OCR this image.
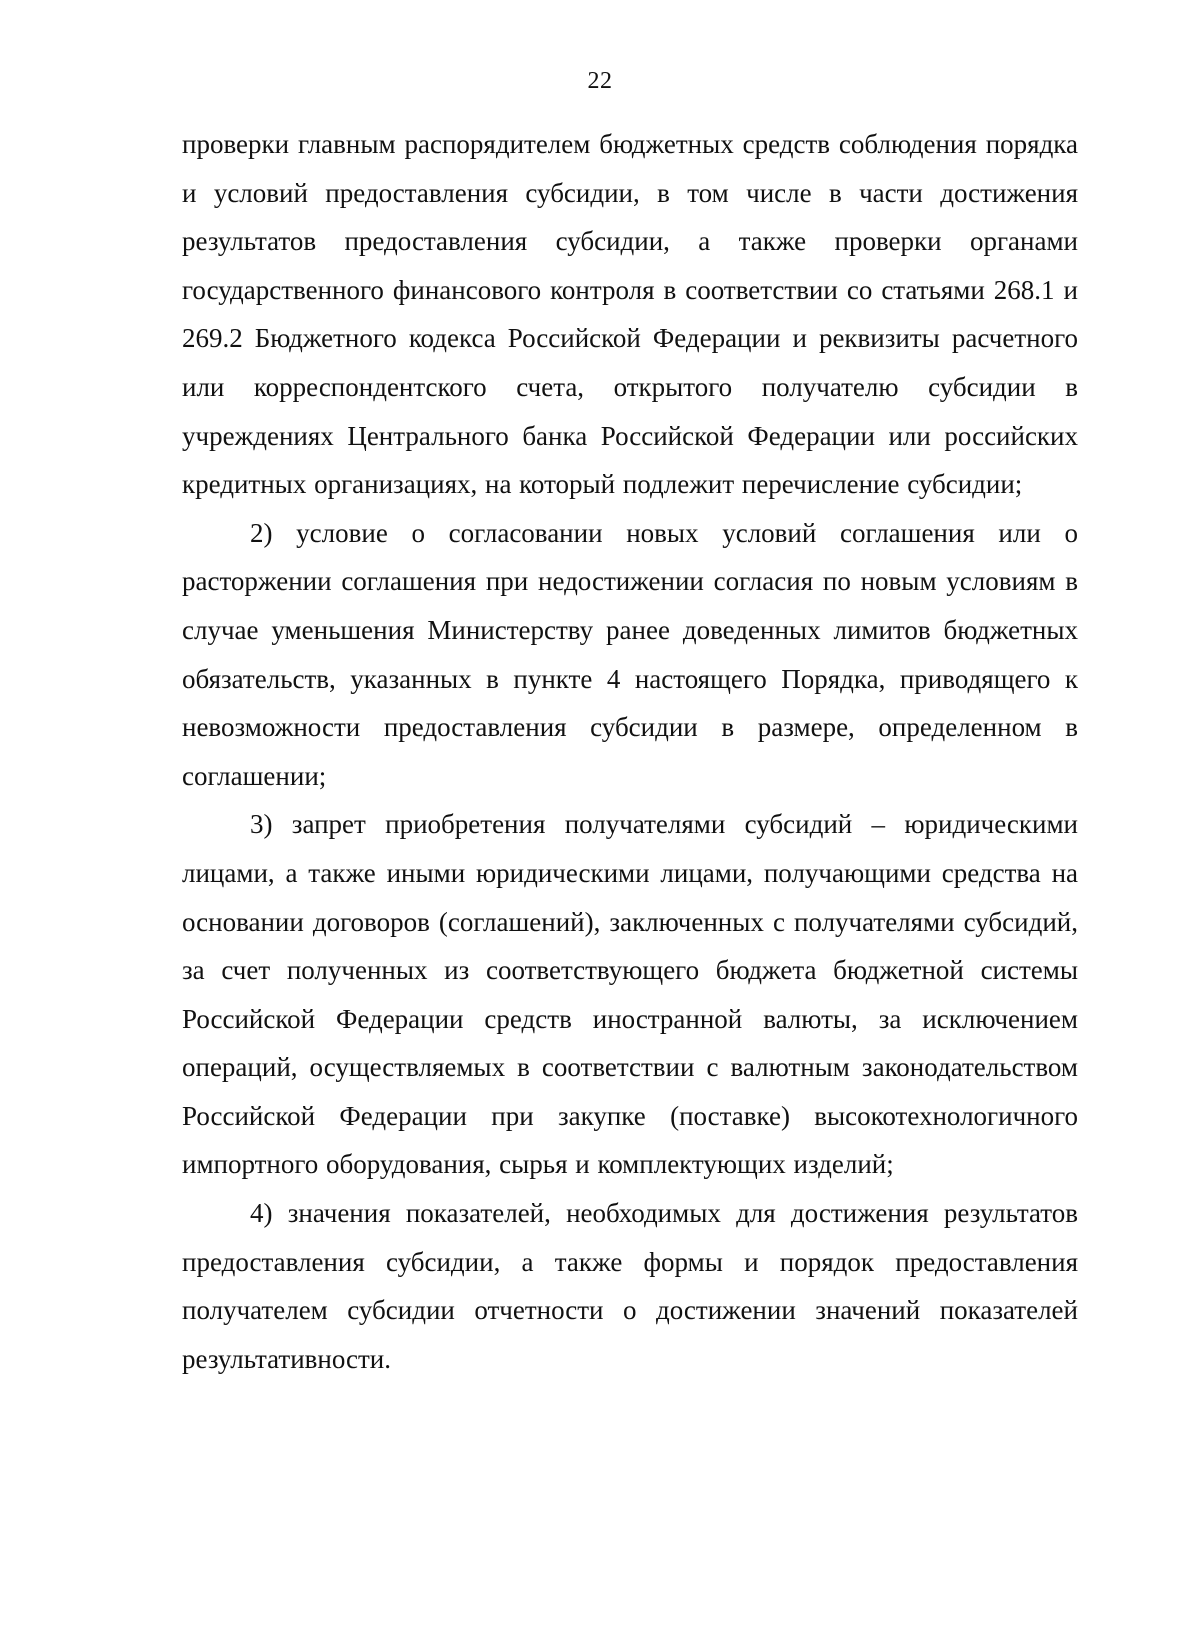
22

проверки главным распорядителем бюджетных средств соблюдения порядка и условий предоставления субсидии, в том числе в части достижения результатов предоставления субсидии, а также проверки органами государственного финансового контроля в соответствии со статьями 268.1 и 269.2 Бюджетного кодекса Российской Федерации и реквизиты расчетного или корреспондентского счета, открытого получателю субсидии в учреждениях Центрального банка Российской Федерации или российских кредитных организациях, на который подлежит перечисление субсидии;

2) условие о согласовании новых условий соглашения или о расторжении соглашения при недостижении согласия по новым условиям в случае уменьшения Министерству ранее доведенных лимитов бюджетных обязательств, указанных в пункте 4 настоящего Порядка, приводящего к невозможности предоставления субсидии в размере, определенном в соглашении;

3) запрет приобретения получателями субсидий – юридическими лицами, а также иными юридическими лицами, получающими средства на основании договоров (соглашений), заключенных с получателями субсидий, за счет полученных из соответствующего бюджета бюджетной системы Российской Федерации средств иностранной валюты, за исключением операций, осуществляемых в соответствии с валютным законодательством Российской Федерации при закупке (поставке) высокотехнологичного импортного оборудования, сырья и комплектующих изделий;

4) значения показателей, необходимых для достижения результатов предоставления субсидии, а также формы и порядок предоставления получателем субсидии отчетности о достижении значений показателей результативности.
